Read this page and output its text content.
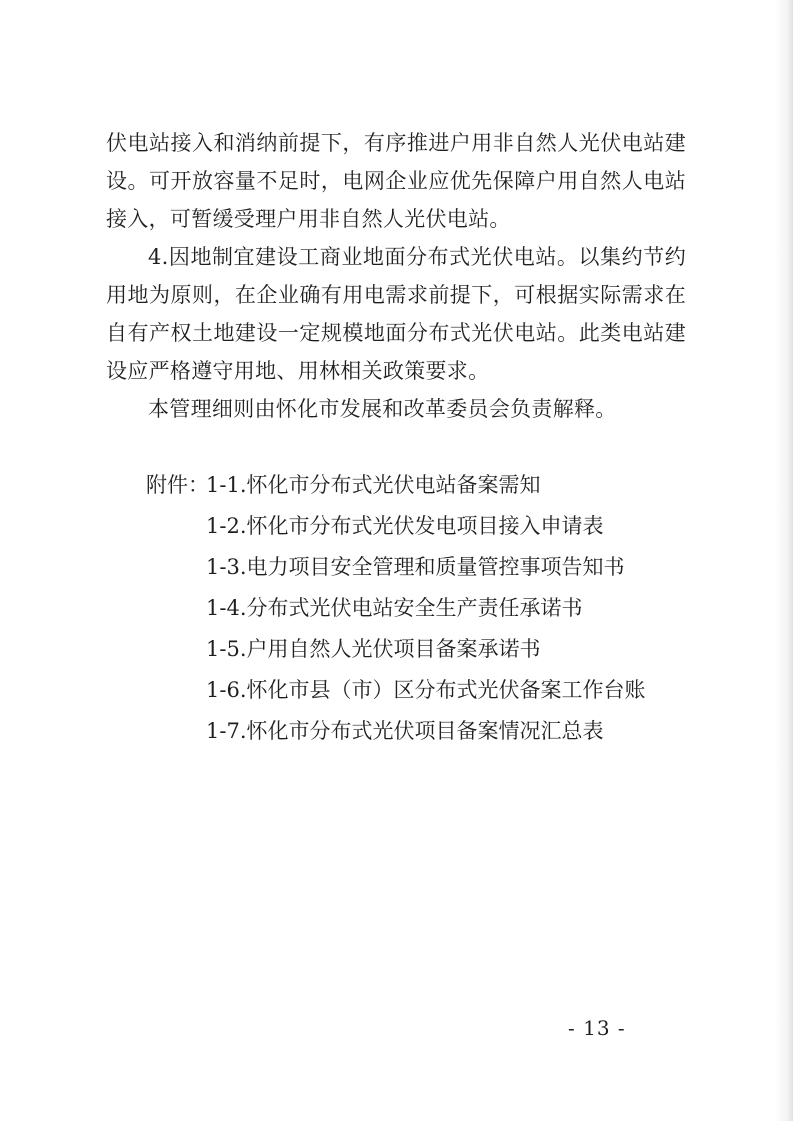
伏电站接入和消纳前提下，有序推进户用非自然人光伏电站建设。可开放容量不足时，电网企业应优先保障户用自然人电站接入，可暂缓受理户用非自然人光伏电站。

4.因地制宜建设工商业地面分布式光伏电站。以集约节约用地为原则，在企业确有用电需求前提下，可根据实际需求在自有产权土地建设一定规模地面分布式光伏电站。此类电站建设应严格遵守用地、用林相关政策要求。

本管理细则由怀化市发展和改革委员会负责解释。

附件：1-1.怀化市分布式光伏电站备案需知
1-2.怀化市分布式光伏发电项目接入申请表
1-3.电力项目安全管理和质量管控事项告知书
1-4.分布式光伏电站安全生产责任承诺书
1-5.户用自然人光伏项目备案承诺书
1-6.怀化市县（市）区分布式光伏备案工作台账
1-7.怀化市分布式光伏项目备案情况汇总表
- 13 -
